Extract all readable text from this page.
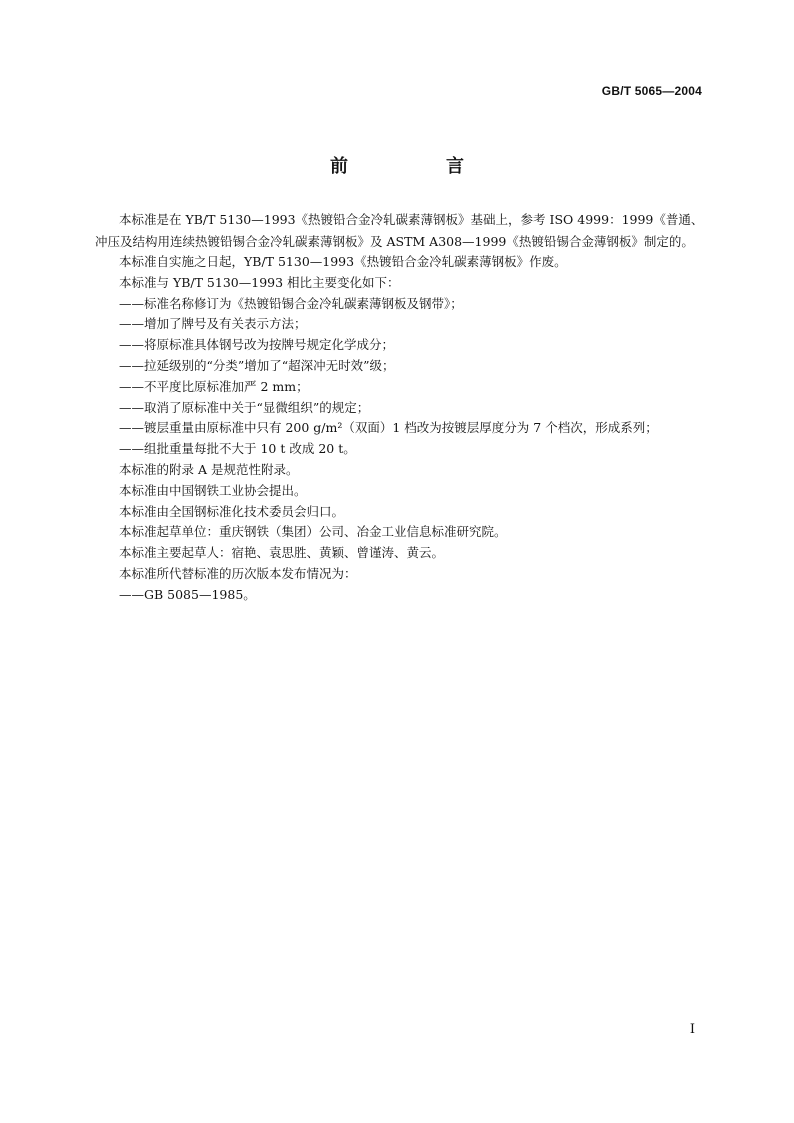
GB/T 5065—2004
前　言

本标准是在 YB/T 5130—1993《热镀铅合金冷轧碳素薄钢板》基础上，参考 ISO 4999：1999《普通、冲压及结构用连续热镀铅锡合金冷轧碳素薄钢板》及 ASTM A308—1999《热镀铅锡合金薄钢板》制定的。

本标准自实施之日起，YB/T 5130—1993《热镀铅合金冷轧碳素薄钢板》作废。

本标准与 YB/T 5130—1993 相比主要变化如下：

——标准名称修订为《热镀铅锡合金冷轧碳素薄钢板及钢带》；

——增加了牌号及有关表示方法；

——将原标准具体钢号改为按牌号规定化学成分；

——拉延级别的“分类”增加了“超深冲无时效”级；

——不平度比原标准加严 2 mm；

——取消了原标准中关于“显微组织”的规定；

——镀层重量由原标准中只有 200 g/m²（双面）1 档改为按镀层厚度分为 7 个档次，形成系列；

——组批重量每批不大于 10 t 改成 20 t。

本标准的附录 A 是规范性附录。

本标准由中国钢铁工业协会提出。

本标准由全国钢标准化技术委员会归口。

本标准起草单位：重庆钢铁（集团）公司、冶金工业信息标准研究院。

本标准主要起草人：宿艳、袁思胜、黄颖、曾谨涛、黄云。

本标准所代替标准的历次版本发布情况为：

——GB 5085—1985。

I
